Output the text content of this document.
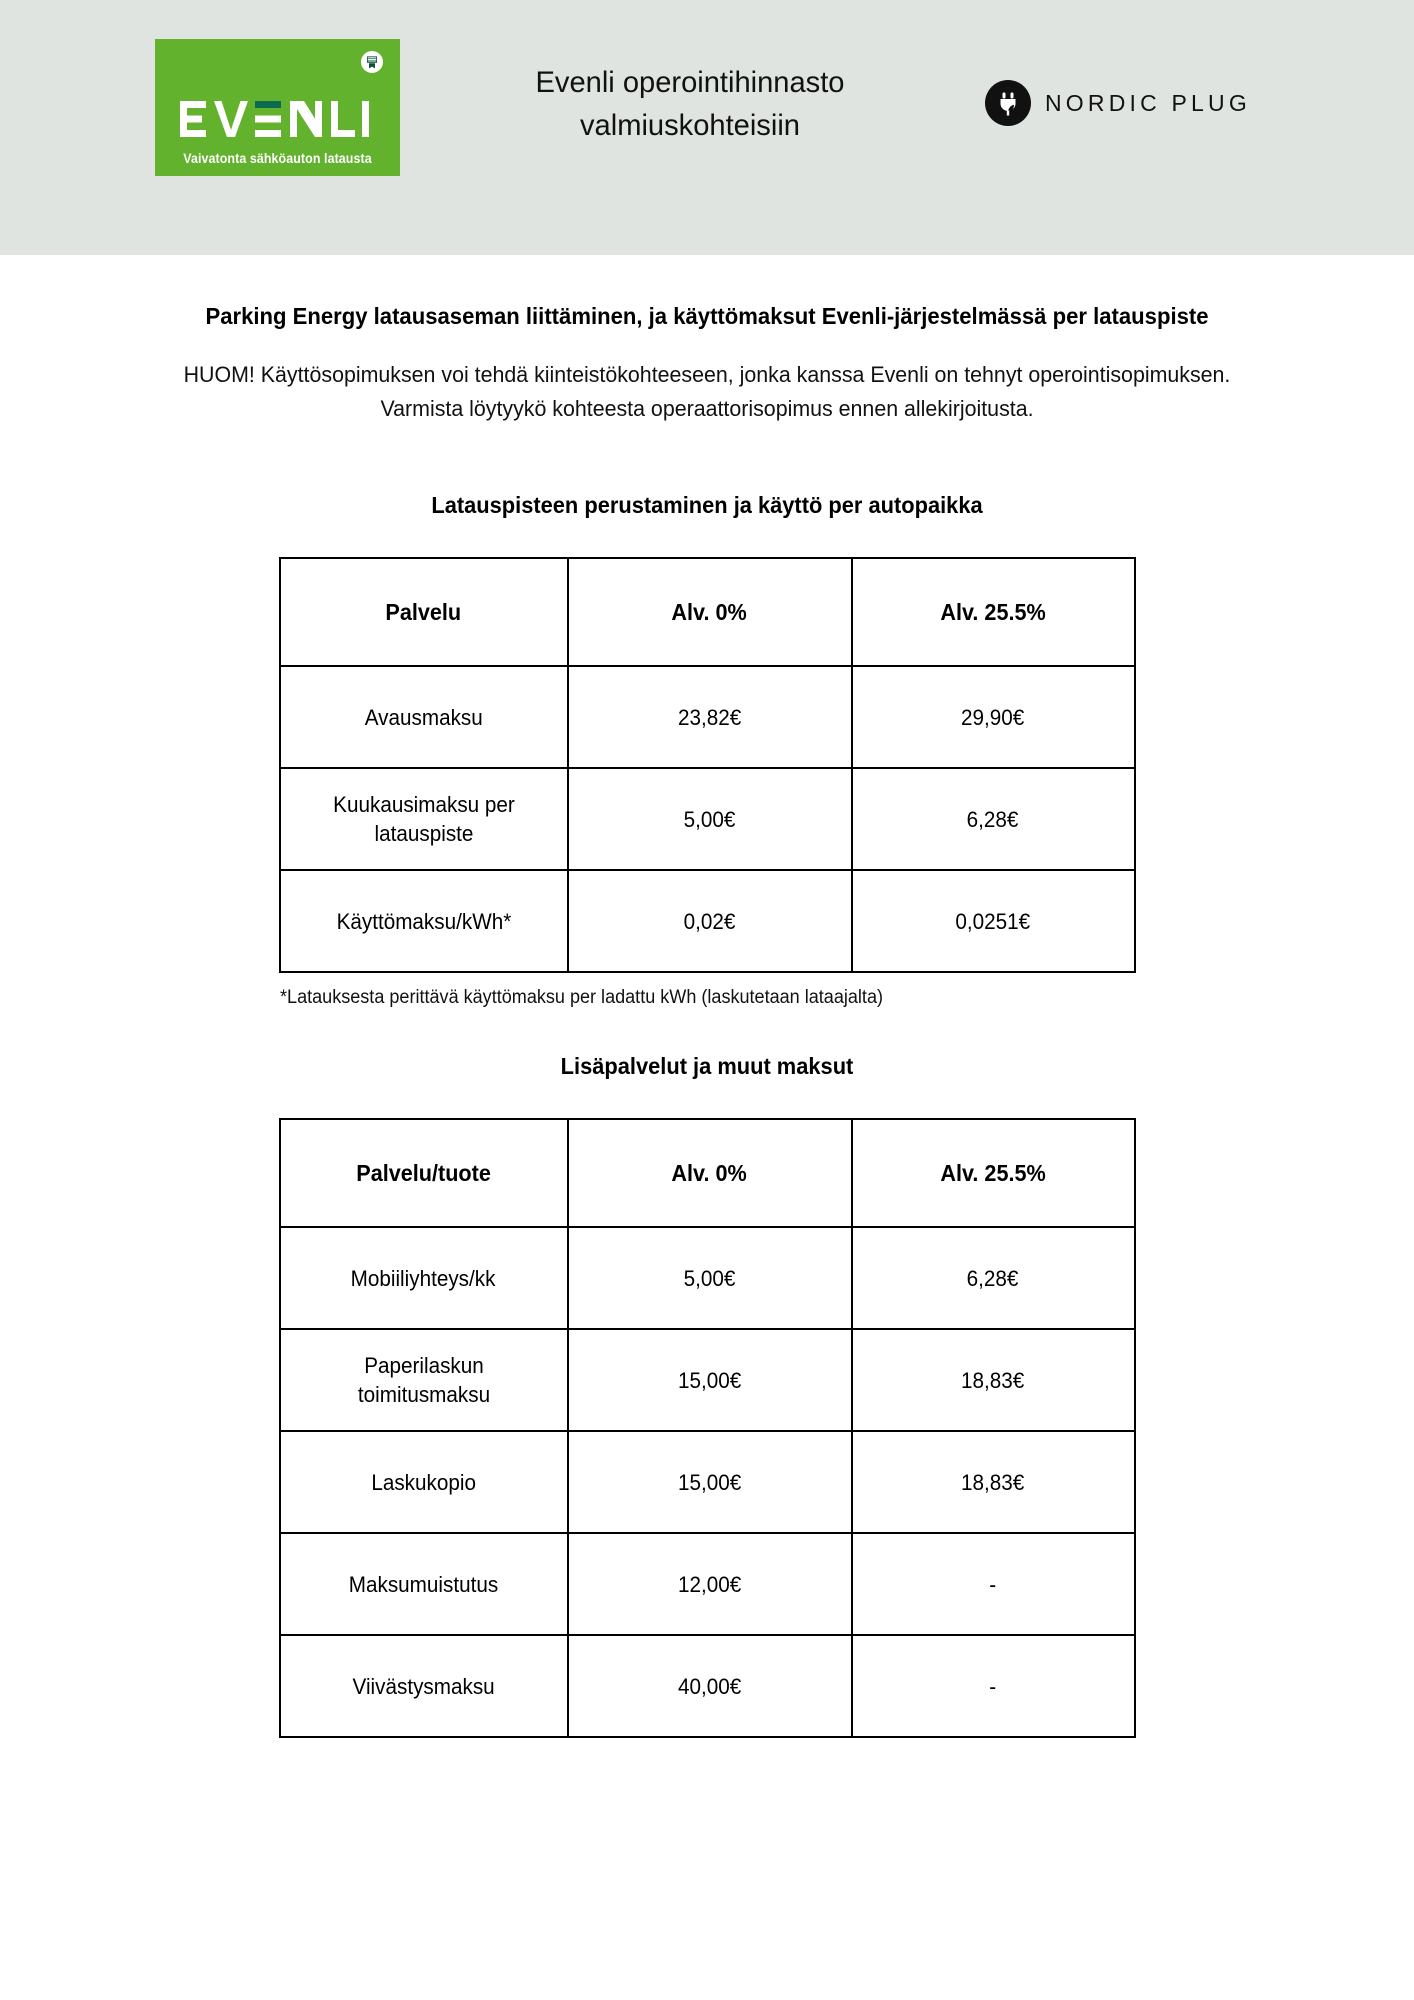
Vaivatonta sähköauton latausta
Evenli operointihinnasto valmiuskohteisiin
NORDIC PLUG
Parking Energy latausaseman liittäminen, ja käyttömaksut Evenli-järjestelmässä per latauspiste

HUOM! Käyttösopimuksen voi tehdä kiinteistökohteeseen, jonka kanssa Evenli on tehnyt operointisopimuksen. Varmista löytyykö kohteesta operaattorisopimus ennen allekirjoitusta.

Latauspisteen perustaminen ja käyttö per autopaikka
Palvelu	Alv. 0%	Alv. 25.5%
Avausmaksu	23,82€	29,90€
Kuukausimaksu per latauspiste	5,00€	6,28€
Käyttömaksu/kWh*	0,02€	0,0251€

*Latauksesta perittävä käyttömaksu per ladattu kWh (laskutetaan lataajalta)

Lisäpalvelut ja muut maksut
Palvelu/tuote	Alv. 0%	Alv. 25.5%
Mobiiliyhteys/kk	5,00€	6,28€
Paperilaskun toimitusmaksu	15,00€	18,83€
Laskukopio	15,00€	18,83€
Maksumuistutus	12,00€	-
Viivästysmaksu	40,00€	-
